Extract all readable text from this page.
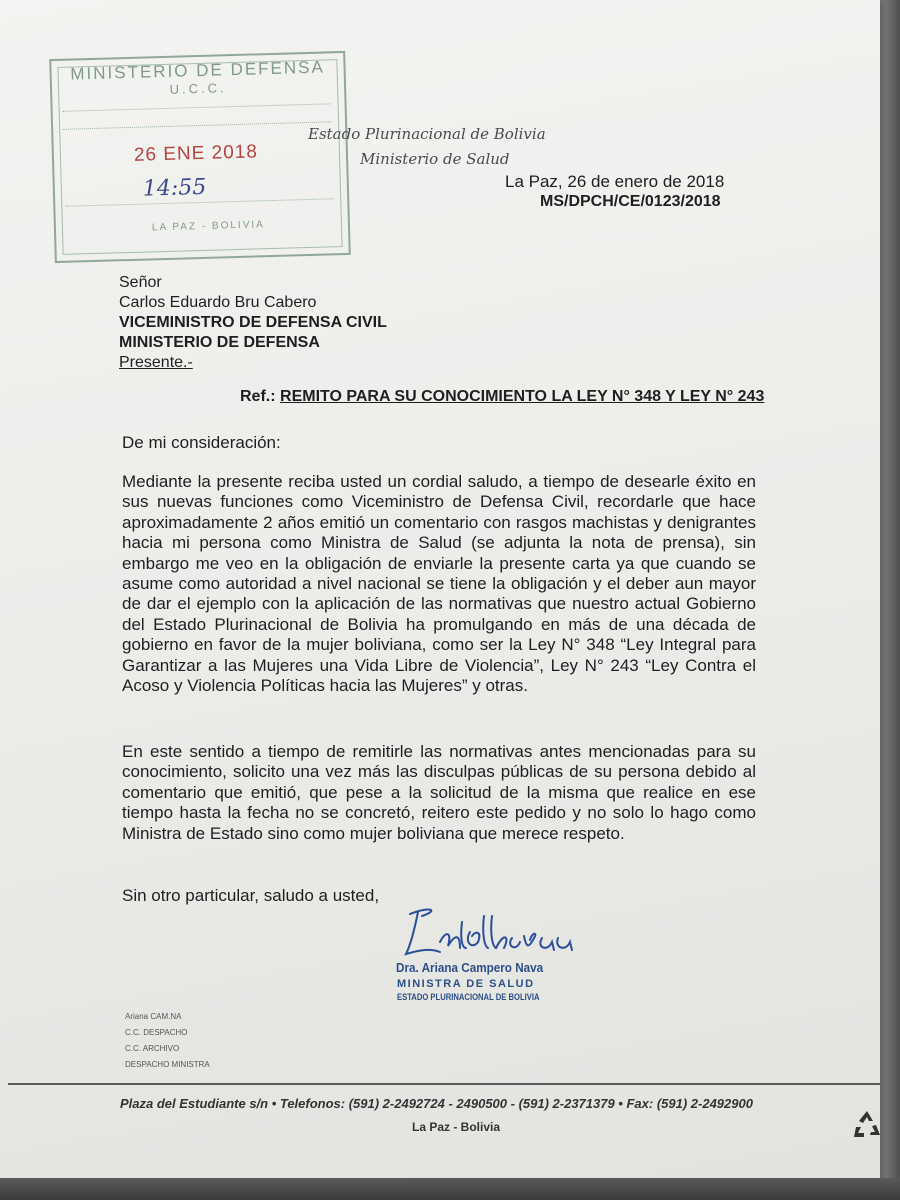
MINISTERIO DE DEFENSA
U.C.C.
26 ENE 2018
14:55
LA PAZ - BOLIVIA
Estado Plurinacional de Bolivia
Ministerio de Salud
La Paz, 26 de enero de 2018
MS/DPCH/CE/0123/2018
Señor
Carlos Eduardo Bru Cabero
VICEMINISTRO DE DEFENSA CIVIL
MINISTERIO DE DEFENSA
Presente.-
Ref.: REMITO PARA SU CONOCIMIENTO LA LEY N° 348 Y LEY N° 243
De mi consideración:
Mediante la presente reciba usted un cordial saludo, a tiempo de desearle éxito en sus nuevas funciones como Viceministro de Defensa Civil, recordarle que hace aproximadamente 2 años emitió un comentario con rasgos machistas y denigrantes hacia mi persona como Ministra de Salud (se adjunta la nota de prensa), sin embargo me veo en la obligación de enviarle la presente carta ya que cuando se asume como autoridad a nivel nacional se tiene la obligación y el deber aun mayor de dar el ejemplo con la aplicación de las normativas que nuestro actual Gobierno del Estado Plurinacional de Bolivia ha promulgando en más de una década de gobierno en favor de la mujer boliviana, como ser la Ley N° 348 “Ley Integral para Garantizar a las Mujeres una Vida Libre de Violencia”, Ley N° 243 “Ley Contra el Acoso y Violencia Políticas hacia las Mujeres” y otras.
En este sentido a tiempo de remitirle las normativas antes mencionadas para su conocimiento, solicito una vez más las disculpas públicas de su persona debido al comentario que emitió, que pese a la solicitud de la misma que realice en ese tiempo hasta la fecha no se concretó, reitero este pedido y no solo lo hago como Ministra de Estado sino como mujer boliviana que merece respeto.
Sin otro particular, saludo a usted,
Dra. Ariana Campero Nava
MINISTRA DE SALUD
ESTADO PLURINACIONAL DE BOLIVIA
Ariana CAM.NA
C.C. DESPACHO
C.C. ARCHIVO
DESPACHO MINISTRA
Plaza del Estudiante s/n • Telefonos: (591) 2-2492724 - 2490500 - (591) 2-2371379 • Fax: (591) 2-2492900
La Paz - Bolivia
